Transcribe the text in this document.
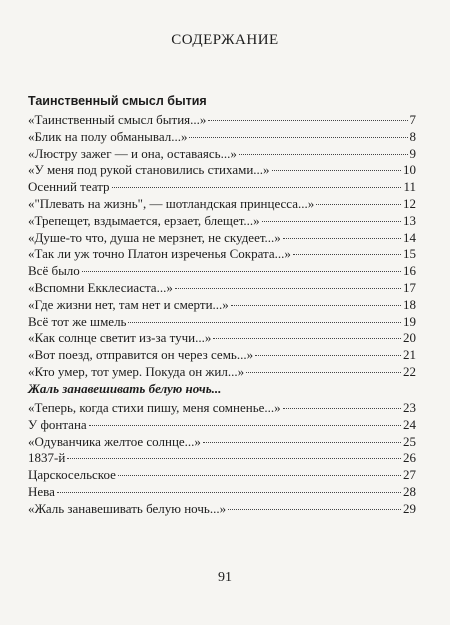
СОДЕРЖАНИЕ
Таинственный смысл бытия
«Таинственный смысл бытия...»	7
«Блик на полу обманывал...»	8
«Люстру зажег — и она, оставаясь...»	9
«У меня под рукой становились стихами...»	10
Осенний театр	11
«"Плевать на жизнь", — шотландская принцесса...»	12
«Трепещет, вздымается, ерзает, блещет...»	13
«Душе-то что, душа не мерзнет, не скудеет...»	14
«Так ли уж точно Платон изреченья Сократа...»	15
Всё было	16
«Вспомни Екклесиаста...»	17
«Где жизни нет, там нет и смерти...»	18
Всё тот же шмель	19
«Как солнце светит из-за тучи...»	20
«Вот поезд, отправится он через семь...»	21
«Кто умер, тот умер. Покуда он жил...»	22
Жаль занавешивать белую ночь...
«Теперь, когда стихи пишу, меня сомненье...»	23
У фонтана	24
«Одуванчика желтое солнце...»	25
1837-й	26
Царскосельское	27
Нева	28
«Жаль занавешивать белую ночь...»	29
91
